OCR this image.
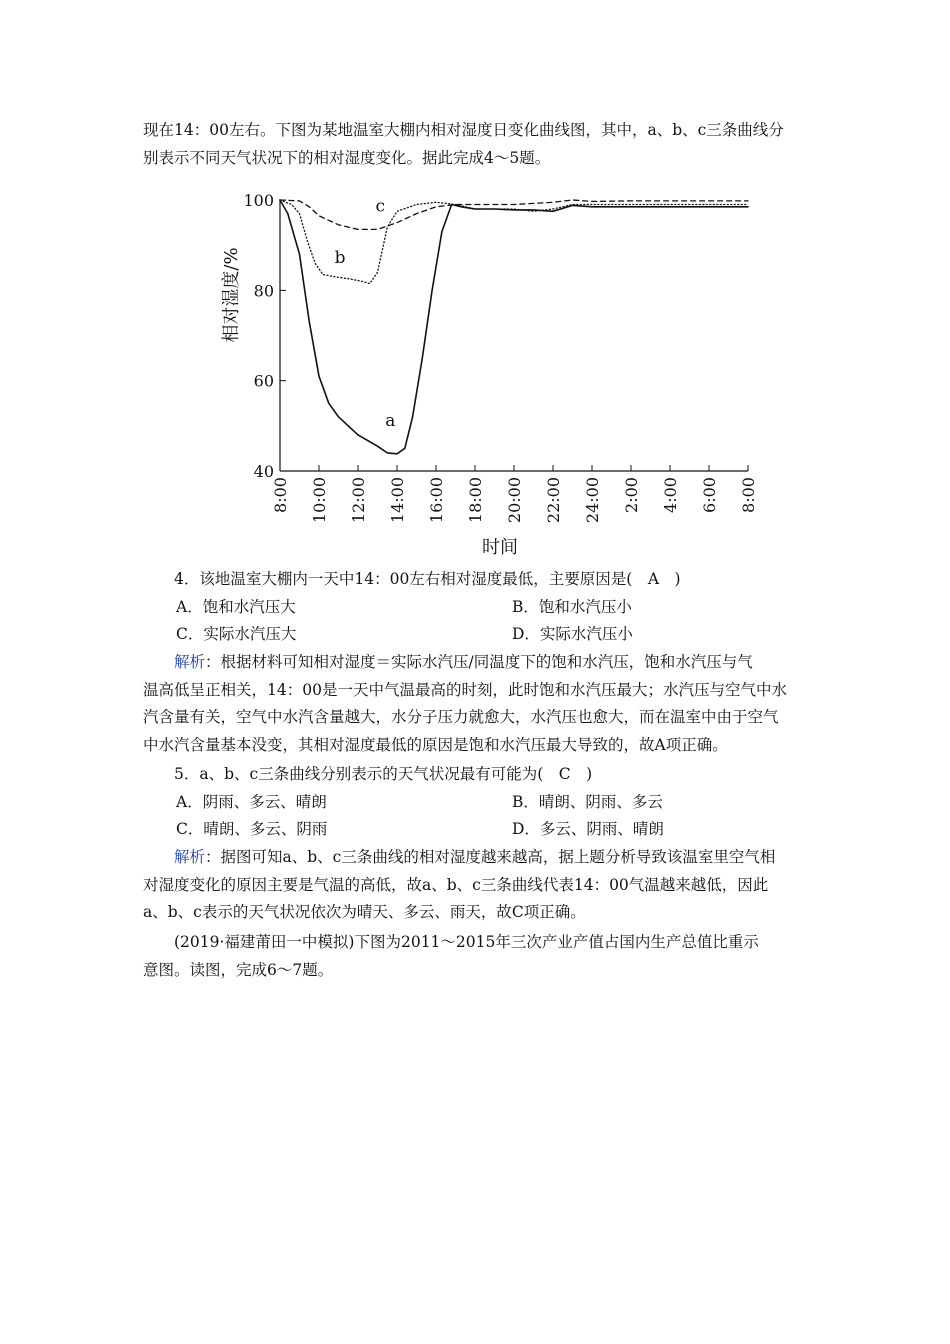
现在14：00左右。下图为某地温室大棚内相对湿度日变化曲线图，其中，a、b、c三条曲线分
别表示不同天气状况下的相对湿度变化。据此完成4～5题。
40
60
80
100
8:00 10:00 12:00 14:00 16:00 18:00 20:00 22:00 24:00 2:00 4:00 6:00 8:00
a
b
c
相对湿度/%
时间
4．该地温室大棚内一天中14：00左右相对湿度最低，主要原因是(　A　)
A．饱和水汽压大	B．饱和水汽压小
C．实际水汽压大	D．实际水汽压小
解析：根据材料可知相对湿度＝实际水汽压/同温度下的饱和水汽压，饱和水汽压与气
温高低呈正相关，14：00是一天中气温最高的时刻，此时饱和水汽压最大；水汽压与空气中水
汽含量有关，空气中水汽含量越大，水分子压力就愈大，水汽压也愈大，而在温室中由于空气
中水汽含量基本没变，其相对湿度最低的原因是饱和水汽压最大导致的，故A项正确。
5．a、b、c三条曲线分别表示的天气状况最有可能为(　C　)
A．阴雨、多云、晴朗	B．晴朗、阴雨、多云
C．晴朗、多云、阴雨	D．多云、阴雨、晴朗
解析：据图可知a、b、c三条曲线的相对湿度越来越高，据上题分析导致该温室里空气相
对湿度变化的原因主要是气温的高低，故a、b、c三条曲线代表14：00气温越来越低，因此
a、b、c表示的天气状况依次为晴天、多云、雨天，故C项正确。
(2019·福建莆田一中模拟)下图为2011～2015年三次产业产值占国内生产总值比重示
意图。读图，完成6～7题。
